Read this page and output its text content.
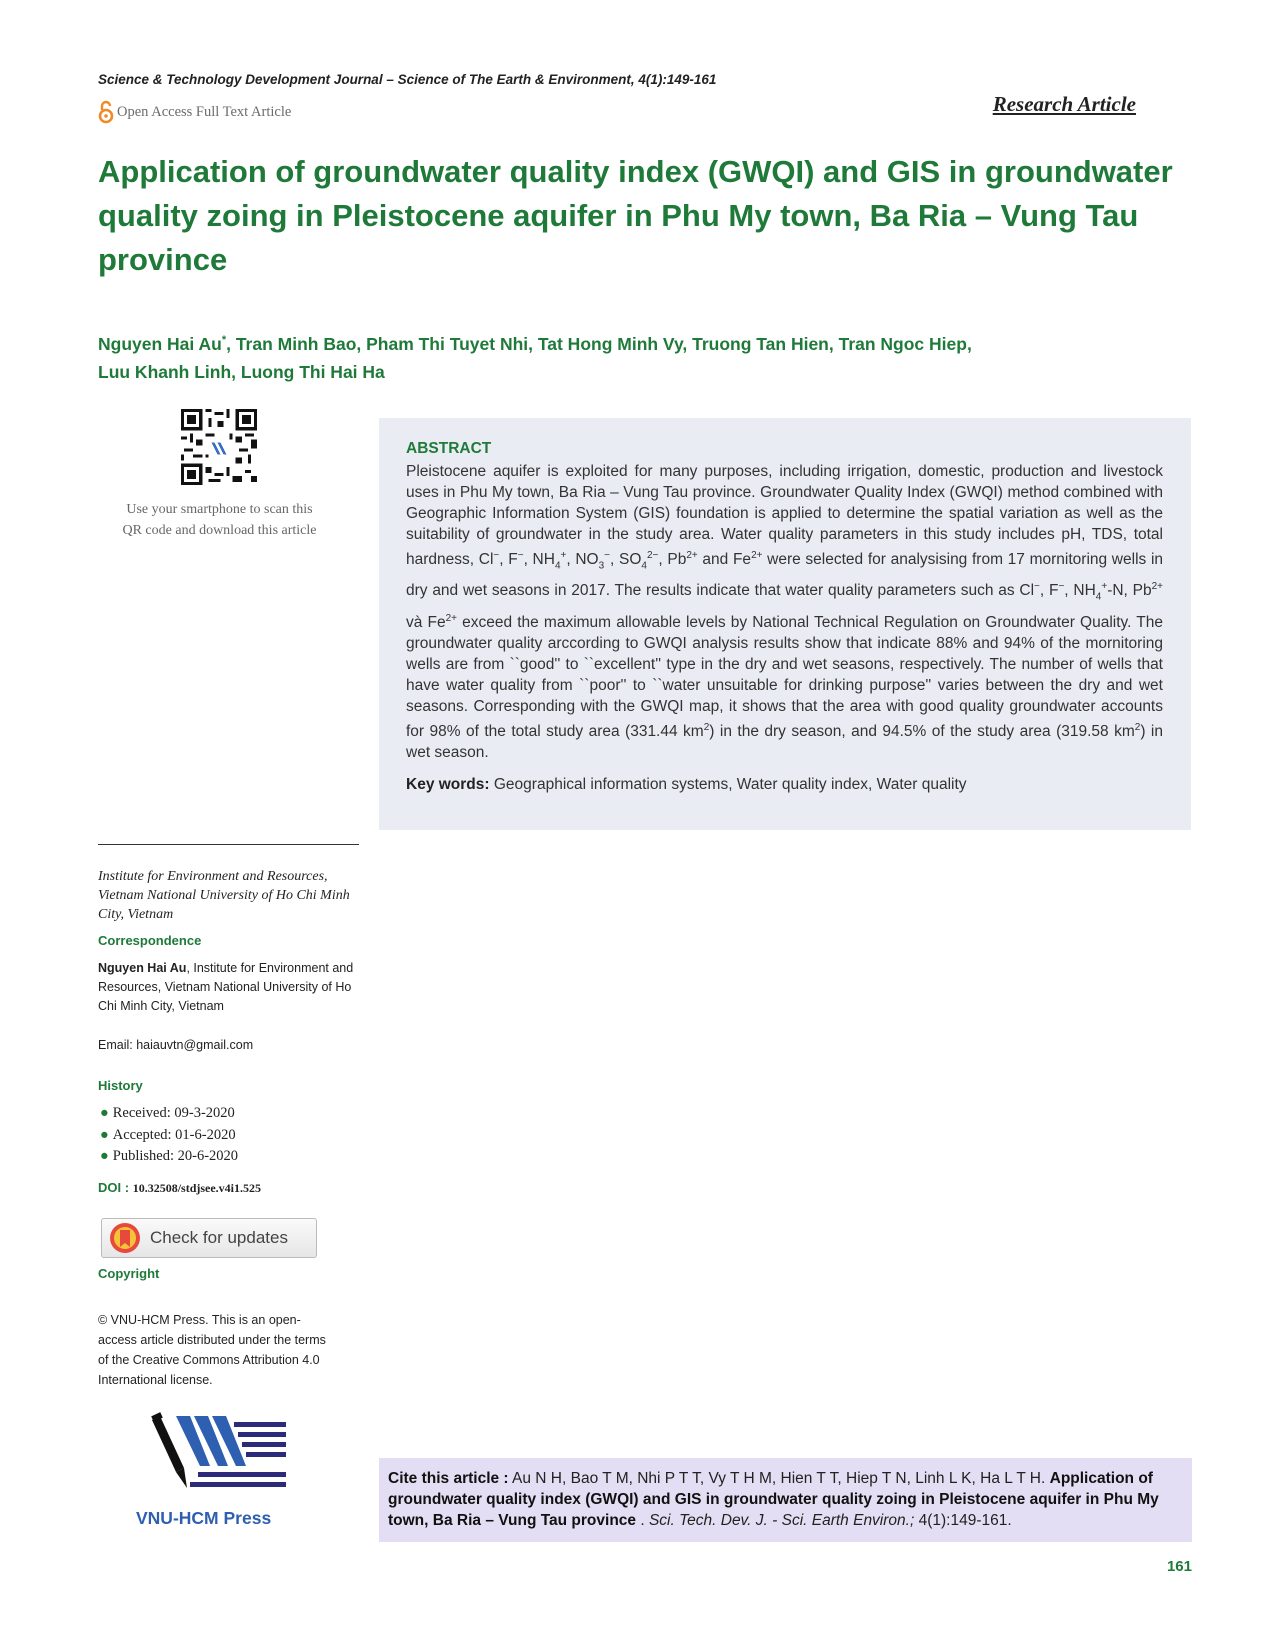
Science & Technology Development Journal – Science of The Earth & Environment, 4(1):149-161
Open Access Full Text Article	Research Article
Application of groundwater quality index (GWQI) and GIS in groundwater quality zoing in Pleistocene aquifer in Phu My town, Ba Ria – Vung Tau province
Nguyen Hai Au*, Tran Minh Bao, Pham Thi Tuyet Nhi, Tat Hong Minh Vy, Truong Tan Hien, Tran Ngoc Hiep,
Luu Khanh Linh, Luong Thi Hai Ha
Use your smartphone to scan this
QR code and download this article
ABSTRACT
Pleistocene aquifer is exploited for many purposes, including irrigation, domestic, production and livestock uses in Phu My town, Ba Ria – Vung Tau province. Groundwater Quality Index (GWQI) method combined with Geographic Information System (GIS) foundation is applied to determine the spatial variation as well as the suitability of groundwater in the study area. Water quality parameters in this study includes pH, TDS, total hardness, Cl−, F−, $NH_4^+$, $NO_3^-$, $SO_4^{2-}$, $Pb^{2+}$ and $Fe^{2+}$ were selected for analysising from 17 mornitoring wells in dry and wet seasons in 2017. The results indicate that water quality parameters such as Cl−, F−, $NH_4^+-N$, $Pb^{2+}$ và $Fe^{2+}$ exceed the maximum allowable levels by National Technical Regulation on Groundwater Quality. The groundwater quality arccording to GWQI analysis results show that indicate 88% and 94% of the mornitoring wells are from ``good'' to ``excellent'' type in the dry and wet seasons, respectively. The number of wells that have water quality from ``poor'' to ``water unsuitable for drinking purpose'' varies between the dry and wet seasons. Corresponding with the GWQI map, it shows that the area with good quality groundwater accounts for 98% of the total study area (331.44 $km^2$) in the dry season, and 94.5% of the study area (319.58 $km^2$) in wet season.
Key words: Geographical information systems, Water quality index, Water quality
Institute for Environment and Resources, Vietnam National University of Ho Chi Minh City, Vietnam
Correspondence
Nguyen Hai Au, Institute for Environment and Resources, Vietnam National University of Ho Chi Minh City, Vietnam
Email: haiauvtn@gmail.com
History
● Received: 09-3-2020
● Accepted: 01-6-2020
● Published: 20-6-2020
DOI : 10.32508/stdjsee.v4i1.525
Check for updates
Copyright
© VNU-HCM Press. This is an open-access article distributed under the terms of the Creative Commons Attribution 4.0 International license.
VNU-HCM Press
Cite this article : Au N H, Bao T M, Nhi P T T, Vy T H M, Hien T T, Hiep T N, Linh L K, Ha L T H. Application of groundwater quality index (GWQI) and GIS in groundwater quality zoing in Pleistocene aquifer in Phu My town, Ba Ria – Vung Tau province . Sci. Tech. Dev. J. - Sci. Earth Environ.; 4(1):149-161.
161
